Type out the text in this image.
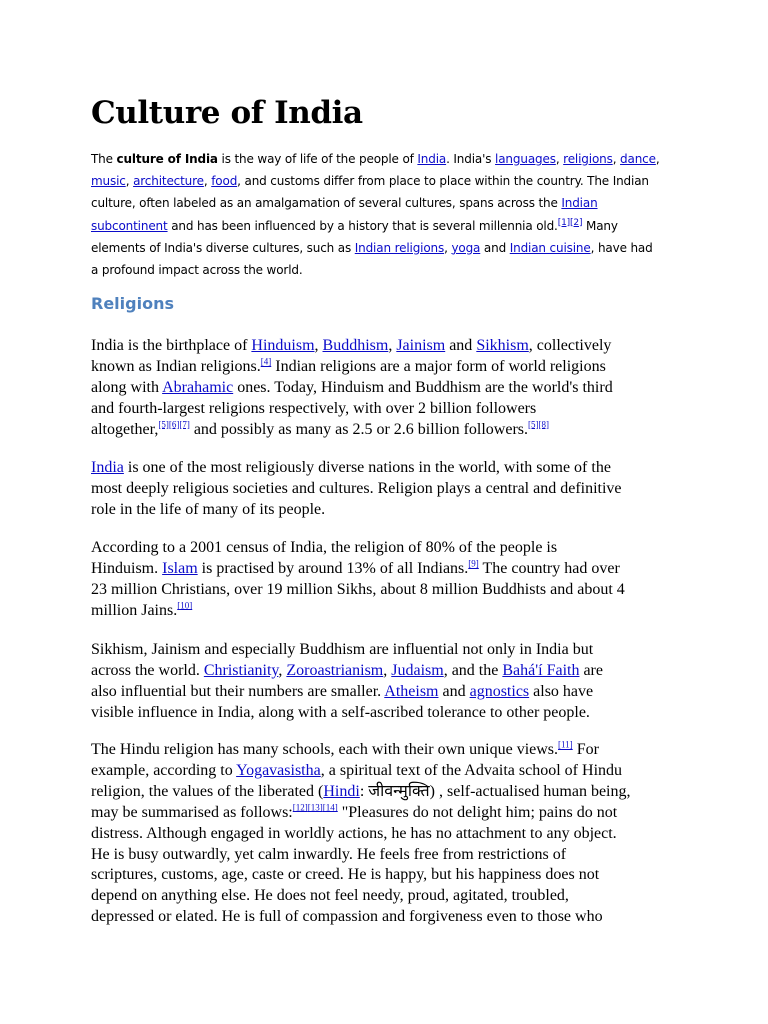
Culture of India

The culture of India is the way of life of the people of India. India's languages, religions, dance,
music, architecture, food, and customs differ from place to place within the country. The Indian
culture, often labeled as an amalgamation of several cultures, spans across the Indian
subcontinent and has been influenced by a history that is several millennia old.[1][2] Many
elements of India's diverse cultures, such as Indian religions, yoga and Indian cuisine, have had
a profound impact across the world.

Religions

India is the birthplace of Hinduism, Buddhism, Jainism and Sikhism, collectively
known as Indian religions.[4] Indian religions are a major form of world religions
along with Abrahamic ones. Today, Hinduism and Buddhism are the world's third
and fourth-largest religions respectively, with over 2 billion followers
altogether,[5][6][7] and possibly as many as 2.5 or 2.6 billion followers.[5][8]

India is one of the most religiously diverse nations in the world, with some of the
most deeply religious societies and cultures. Religion plays a central and definitive
role in the life of many of its people.

According to a 2001 census of India, the religion of 80% of the people is
Hinduism. Islam is practised by around 13% of all Indians.[9] The country had over
23 million Christians, over 19 million Sikhs, about 8 million Buddhists and about 4
million Jains.[10]

Sikhism, Jainism and especially Buddhism are influential not only in India but
across the world. Christianity, Zoroastrianism, Judaism, and the Bahá'í Faith are
also influential but their numbers are smaller. Atheism and agnostics also have
visible influence in India, along with a self-ascribed tolerance to other people.

The Hindu religion has many schools, each with their own unique views.[11] For
example, according to Yogavasistha, a spiritual text of the Advaita school of Hindu
religion, the values of the liberated (Hindi: जीवन्मुक्ति) , self-actualised human being,
may be summarised as follows:[12][13][14] "Pleasures do not delight him; pains do not
distress. Although engaged in worldly actions, he has no attachment to any object.
He is busy outwardly, yet calm inwardly. He feels free from restrictions of
scriptures, customs, age, caste or creed. He is happy, but his happiness does not
depend on anything else. He does not feel needy, proud, agitated, troubled,
depressed or elated. He is full of compassion and forgiveness even to those who
